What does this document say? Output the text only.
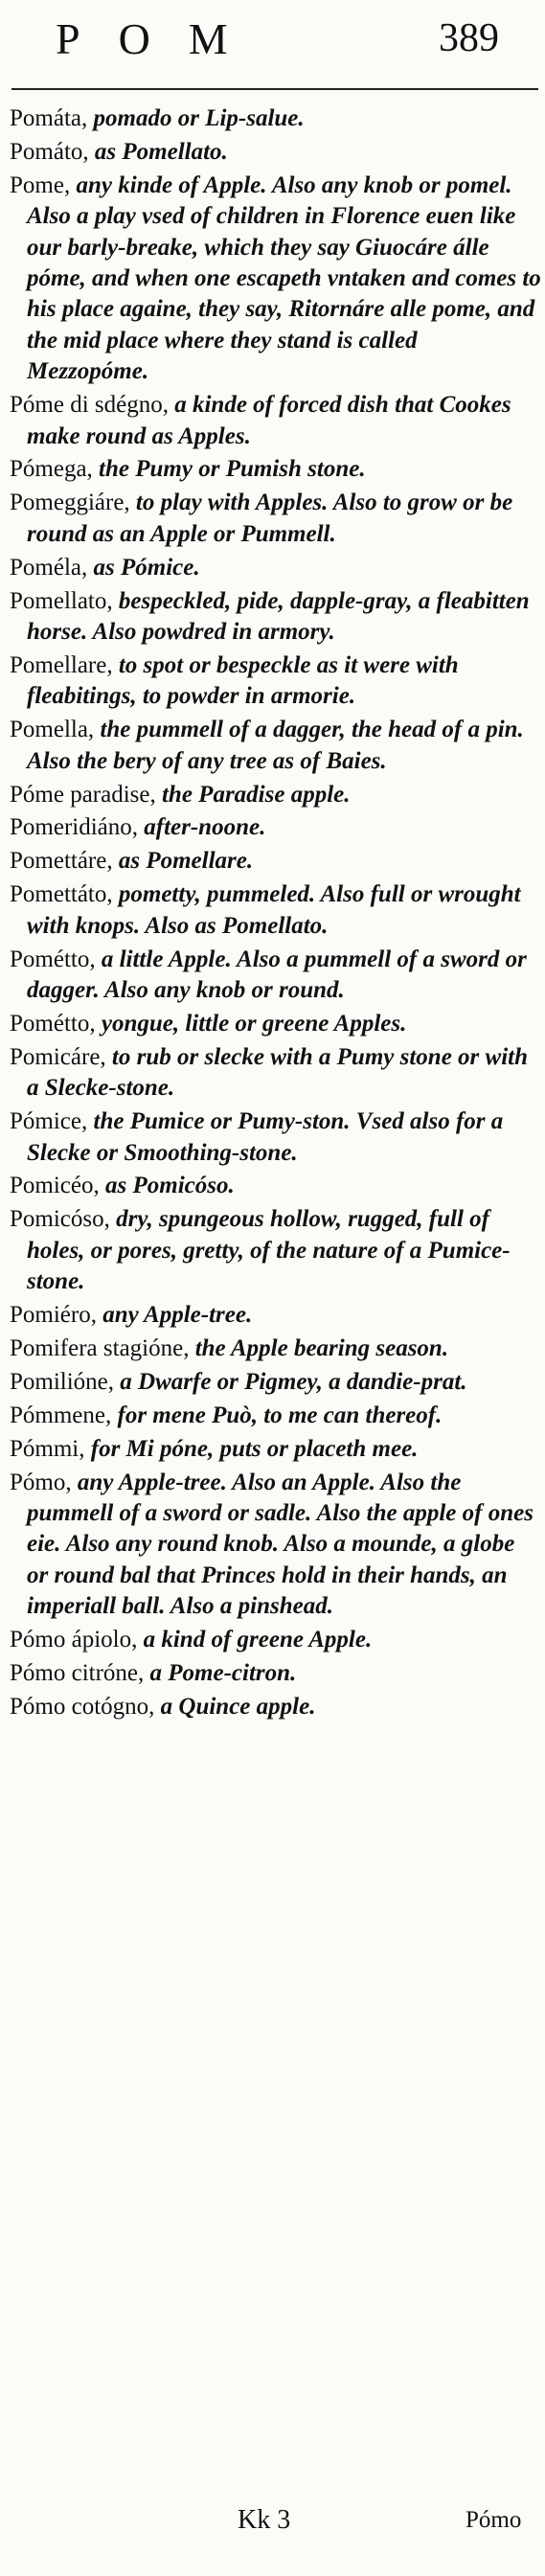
POM	389

Pomáta, pomado or Lip-salue.

Pomáto, as Pomellato.

Pome, any kinde of Apple. Also any knob or pomel. Also a play vsed of children in Florence euen like our barly-breake, which they say Giuocáre álle póme, and when one escapeth vntaken and comes to his place againe, they say, Ritornáre alle pome, and the mid place where they stand is called Mezzopóme.

Póme di sdégno, a kinde of forced dish that Cookes make round as Apples.

Pómega, the Pumy or Pumish stone.

Pomeggiáre, to play with Apples. Also to grow or be round as an Apple or Pummell.

Poméla, as Pómice.

Pomellato, bespeckled, pide, dapple-gray, a fleabitten horse. Also powdred in armory.

Pomellare, to spot or bespeckle as it were with fleabitings, to powder in armorie.

Pomella, the pummell of a dagger, the head of a pin. Also the bery of any tree as of Baies.

Póme paradise, the Paradise apple.

Pomeridiáno, after-noone.

Pomettáre, as Pomellare.

Pomettáto, pometty, pummeled. Also full or wrought with knops. Also as Pomellato.

Pométto, a little Apple. Also a pummell of a sword or dagger. Also any knob or round.

Pométto, yongue, little or greene Apples.

Pomicáre, to rub or slecke with a Pumy stone or with a Slecke-stone.

Pómice, the Pumice or Pumy-ston. Vsed also for a Slecke or Smoothing-stone.

Pomicéo, as Pomicóso.

Pomicóso, dry, spungeous hollow, rugged, full of holes, or pores, gretty, of the nature of a Pumice-stone.

Pomiéro, any Apple-tree.

Pomifera stagióne, the Apple bearing season.

Pomilióne, a Dwarfe or Pigmey, a dandie-prat.

Pómmene, for mene Può, to me can thereof.

Pómmi, for Mi póne, puts or placeth mee.

Pómo, any Apple-tree. Also an Apple. Also the pummell of a sword or sadle. Also the apple of ones eie. Also any round knob. Also a mounde, a globe or round bal that Princes hold in their hands, an imperiall ball. Also a pinshead.

Pómo ápiolo, a kind of greene Apple.

Pómo citróne, a Pome-citron.

Pómo cotógno, a Quince apple.

Kk 3	Pómo
